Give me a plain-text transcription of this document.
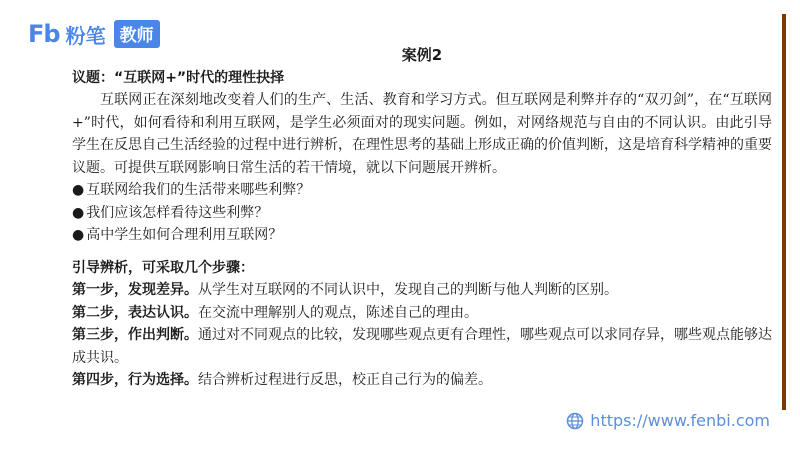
Fb 粉笔 教师

案例2

议题：“互联网+”时代的理性抉择

互联网正在深刻地改变着人们的生产、生活、教育和学习方式。但互联网是利弊并存的“双刃剑”，在“互联网+”时代，如何看待和利用互联网，是学生必须面对的现实问题。例如，对网络规范与自由的不同认识。由此引导学生在反思自己生活经验的过程中进行辨析，在理性思考的基础上形成正确的价值判断，这是培育科学精神的重要议题。可提供互联网影响日常生活的若干情境，就以下问题展开辨析。

● 互联网给我们的生活带来哪些利弊？
● 我们应该怎样看待这些利弊？
● 高中学生如何合理利用互联网？

引导辨析，可采取几个步骤：

第一步，发现差异。从学生对互联网的不同认识中，发现自己的判断与他人判断的区别。

第二步，表达认识。在交流中理解别人的观点，陈述自己的理由。

第三步，作出判断。通过对不同观点的比较，发现哪些观点更有合理性，哪些观点可以求同存异，哪些观点能够达成共识。

第四步，行为选择。结合辨析过程进行反思，校正自己行为的偏差。

https://www.fenbi.com
